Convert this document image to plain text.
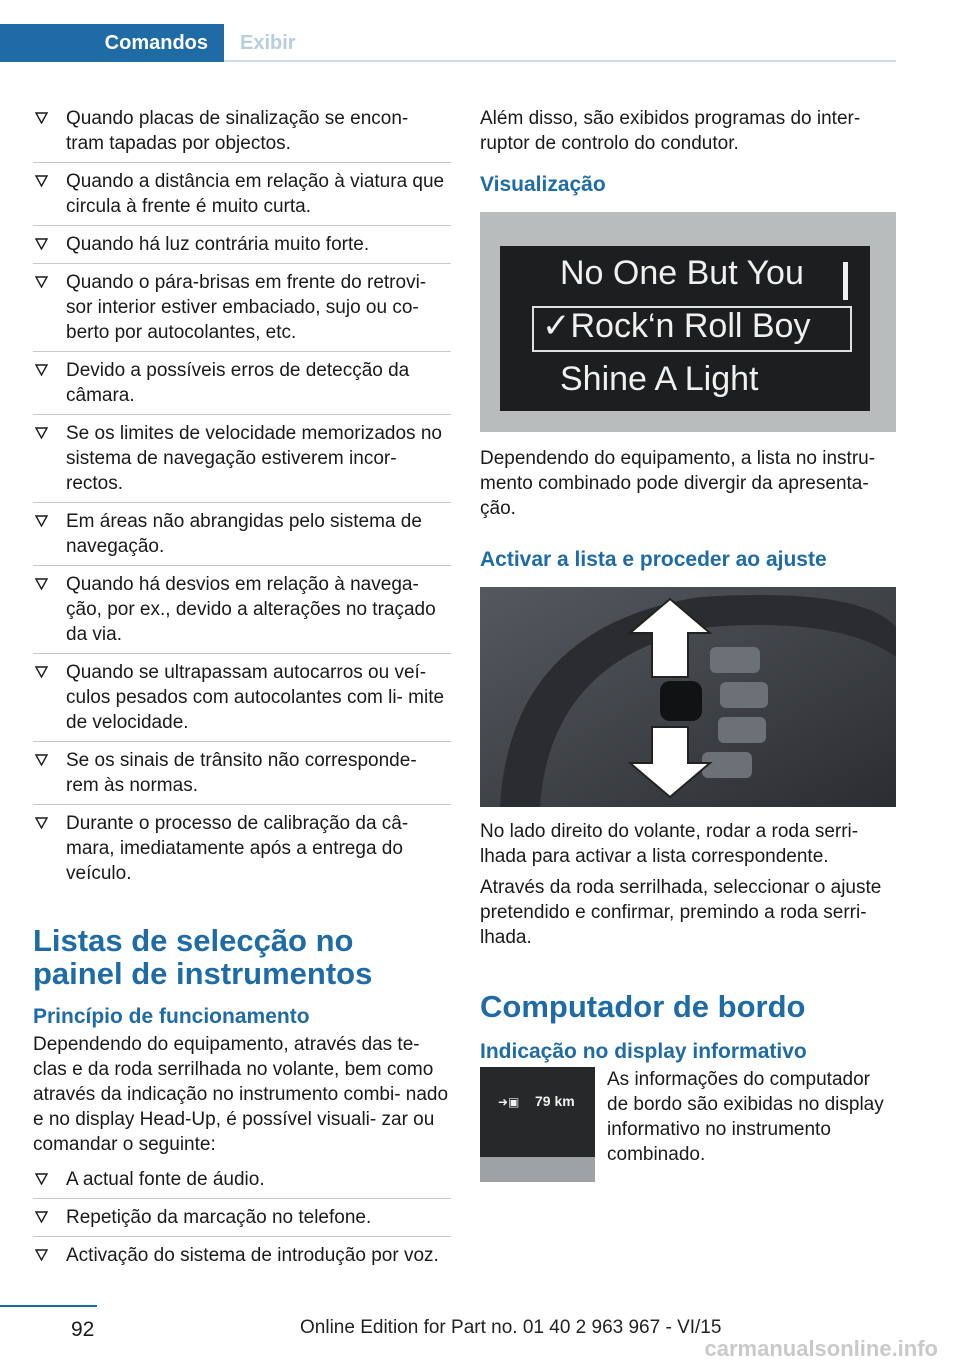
Comandos	Exibir
Quando placas de sinalização se encon‐ tram tapadas por objectos.
Quando a distância em relação à viatura que circula à frente é muito curta.
Quando há luz contrária muito forte.
Quando o pára-brisas em frente do retrovi‐ sor interior estiver embaciado, sujo ou co‐ berto por autocolantes, etc.
Devido a possíveis erros de detecção da câmara.
Se os limites de velocidade memorizados no sistema de navegação estiverem incor‐ rectos.
Em áreas não abrangidas pelo sistema de navegação.
Quando há desvios em relação à navega‐ ção, por ex., devido a alterações no traçado da via.
Quando se ultrapassam autocarros ou veí‐ culos pesados com autocolantes com li‐ mite de velocidade.
Se os sinais de trânsito não corresponde‐ rem às normas.
Durante o processo de calibração da câ‐ mara, imediatamente após a entrega do veículo.
Listas de selecção no painel de instrumentos
Princípio de funcionamento

Dependendo do equipamento, através das te‐ clas e da roda serrilhada no volante, bem como através da indicação no instrumento combi‐ nado e no display Head-Up, é possível visuali‐ zar ou comandar o seguinte:

A actual fonte de áudio.
Repetição da marcação no telefone.
Activação do sistema de introdução por voz.

Além disso, são exibidos programas do inter‐ ruptor de controlo do condutor.

Visualização
No One But You
✓Rock‘n Roll Boy
Shine A Light

Dependendo do equipamento, a lista no instru‐ mento combinado pode divergir da apresenta‐ ção.

Activar a lista e proceder ao ajuste

No lado direito do volante, rodar a roda serri‐ lhada para activar a lista correspondente.

Através da roda serrilhada, seleccionar o ajuste pretendido e confirmar, premindo a roda serri‐ lhada.

Computador de bordo
Indicação no display informativo
➜▣ 79 km

As informações do computador de bordo são exibidas no display informativo no instrumento combinado.

92	Online Edition for Part no. 01 40 2 963 967 - VI/15
carmanualsonline.info
